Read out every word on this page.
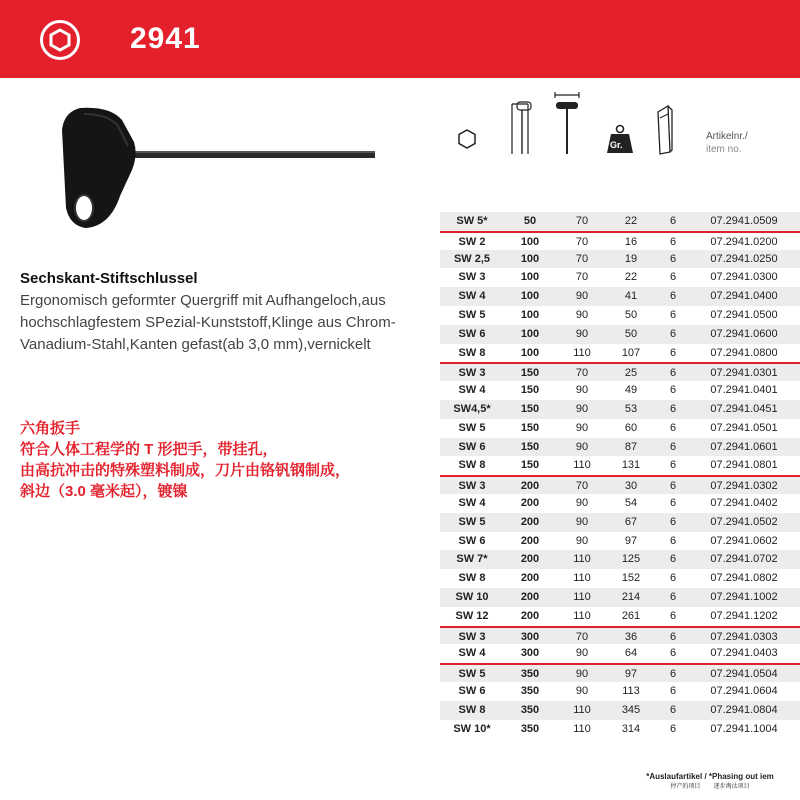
2941
Sechskant-Stiftschlussel
Ergonomisch geformter Quergriff mit Aufhangeloch,aus hochschlagfestem SPezial-Kunststoff,Klinge aus Chrom-Vanadium-Stahl,Kanten gefast(ab 3,0 mm),vernickelt
六角扳手
符合人体工程学的 T 形把手，带挂孔，
由高抗冲击的特殊塑料制成，刀片由铬钒钢制成，
斜边（3.0 毫米起），镀镍
Gr.
Artikelnr./
item no.
SW 5*	50	70	22	6	07.2941.0509
SW 2	100	70	16	6	07.2941.0200
SW 2,5	100	70	19	6	07.2941.0250
SW 3	100	70	22	6	07.2941.0300
SW 4	100	90	41	6	07.2941.0400
SW 5	100	90	50	6	07.2941.0500
SW 6	100	90	50	6	07.2941.0600
SW 8	100	110	107	6	07.2941.0800
SW 3	150	70	25	6	07.2941.0301
SW 4	150	90	49	6	07.2941.0401
SW4,5*	150	90	53	6	07.2941.0451
SW 5	150	90	60	6	07.2941.0501
SW 6	150	90	87	6	07.2941.0601
SW 8	150	110	131	6	07.2941.0801
SW 3	200	70	30	6	07.2941.0302
SW 4	200	90	54	6	07.2941.0402
SW 5	200	90	67	6	07.2941.0502
SW 6	200	90	97	6	07.2941.0602
SW 7*	200	110	125	6	07.2941.0702
SW 8	200	110	152	6	07.2941.0802
SW 10	200	110	214	6	07.2941.1002
SW 12	200	110	261	6	07.2941.1202
SW 3	300	70	36	6	07.2941.0303
SW 4	300	90	64	6	07.2941.0403
SW 5	350	90	97	6	07.2941.0504
SW 6	350	90	113	6	07.2941.0604
SW 8	350	110	345	6	07.2941.0804
SW 10*	350	110	314	6	07.2941.1004
*Auslaufartikel / *Phasing out iem
停产的项目 逐步淘汰项目
